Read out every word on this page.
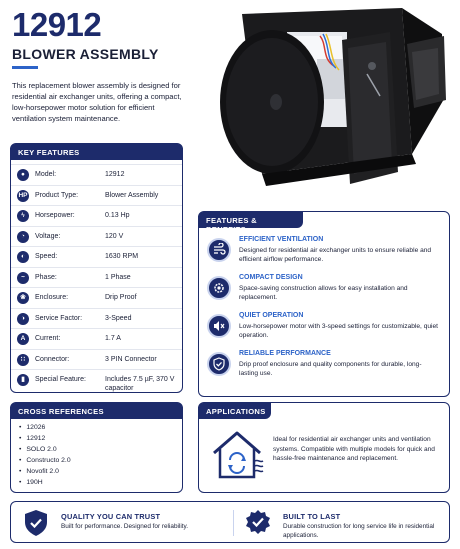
12912
BLOWER ASSEMBLY
This replacement blower assembly is designed for residential air exchanger units, offering a compact, low-horsepower motor solution for efficient ventilation system maintenance.
KEY FEATURES
●	Model:	12912
HP Product Type:	Blower Assembly
ϟ	Horsepower:	0.13 Hp
◔	Voltage:	120 V
◐	Speed:	1630 RPM
~	Phase:	1 Phase
❀	Enclosure:	Drip Proof
◑	Service Factor:	3-Speed
A	Current:	1.7 A
∷	Connector:	3 PIN Connector
▮	Special Feature:	Includes 7.5 µF, 370 V capacitor
FEATURES & BENEFITS
EFFICIENT VENTILATION
Designed for residential air exchanger units to ensure reliable and efficient airflow performance.
COMPACT DESIGN
Space-saving construction allows for easy installation and replacement.
QUIET OPERATION
Low-horsepower motor with 3-speed settings for customizable, quiet operation.
RELIABLE PERFORMANCE
Drip proof enclosure and quality components for durable, long-lasting use.
CROSS REFERENCES
• 12026
• 12912
• SOLO 2.0
• Constructo 2.0
• Novofit 2.0
• 190H
APPLICATIONS
Ideal for residential air exchanger units and ventilation systems. Compatible with multiple models for quick and hassle-free maintenance and replacement.
QUALITY YOU CAN TRUST
Built for performance. Designed for reliability.
BUILT TO LAST
Durable construction for long service life in residential applications.
